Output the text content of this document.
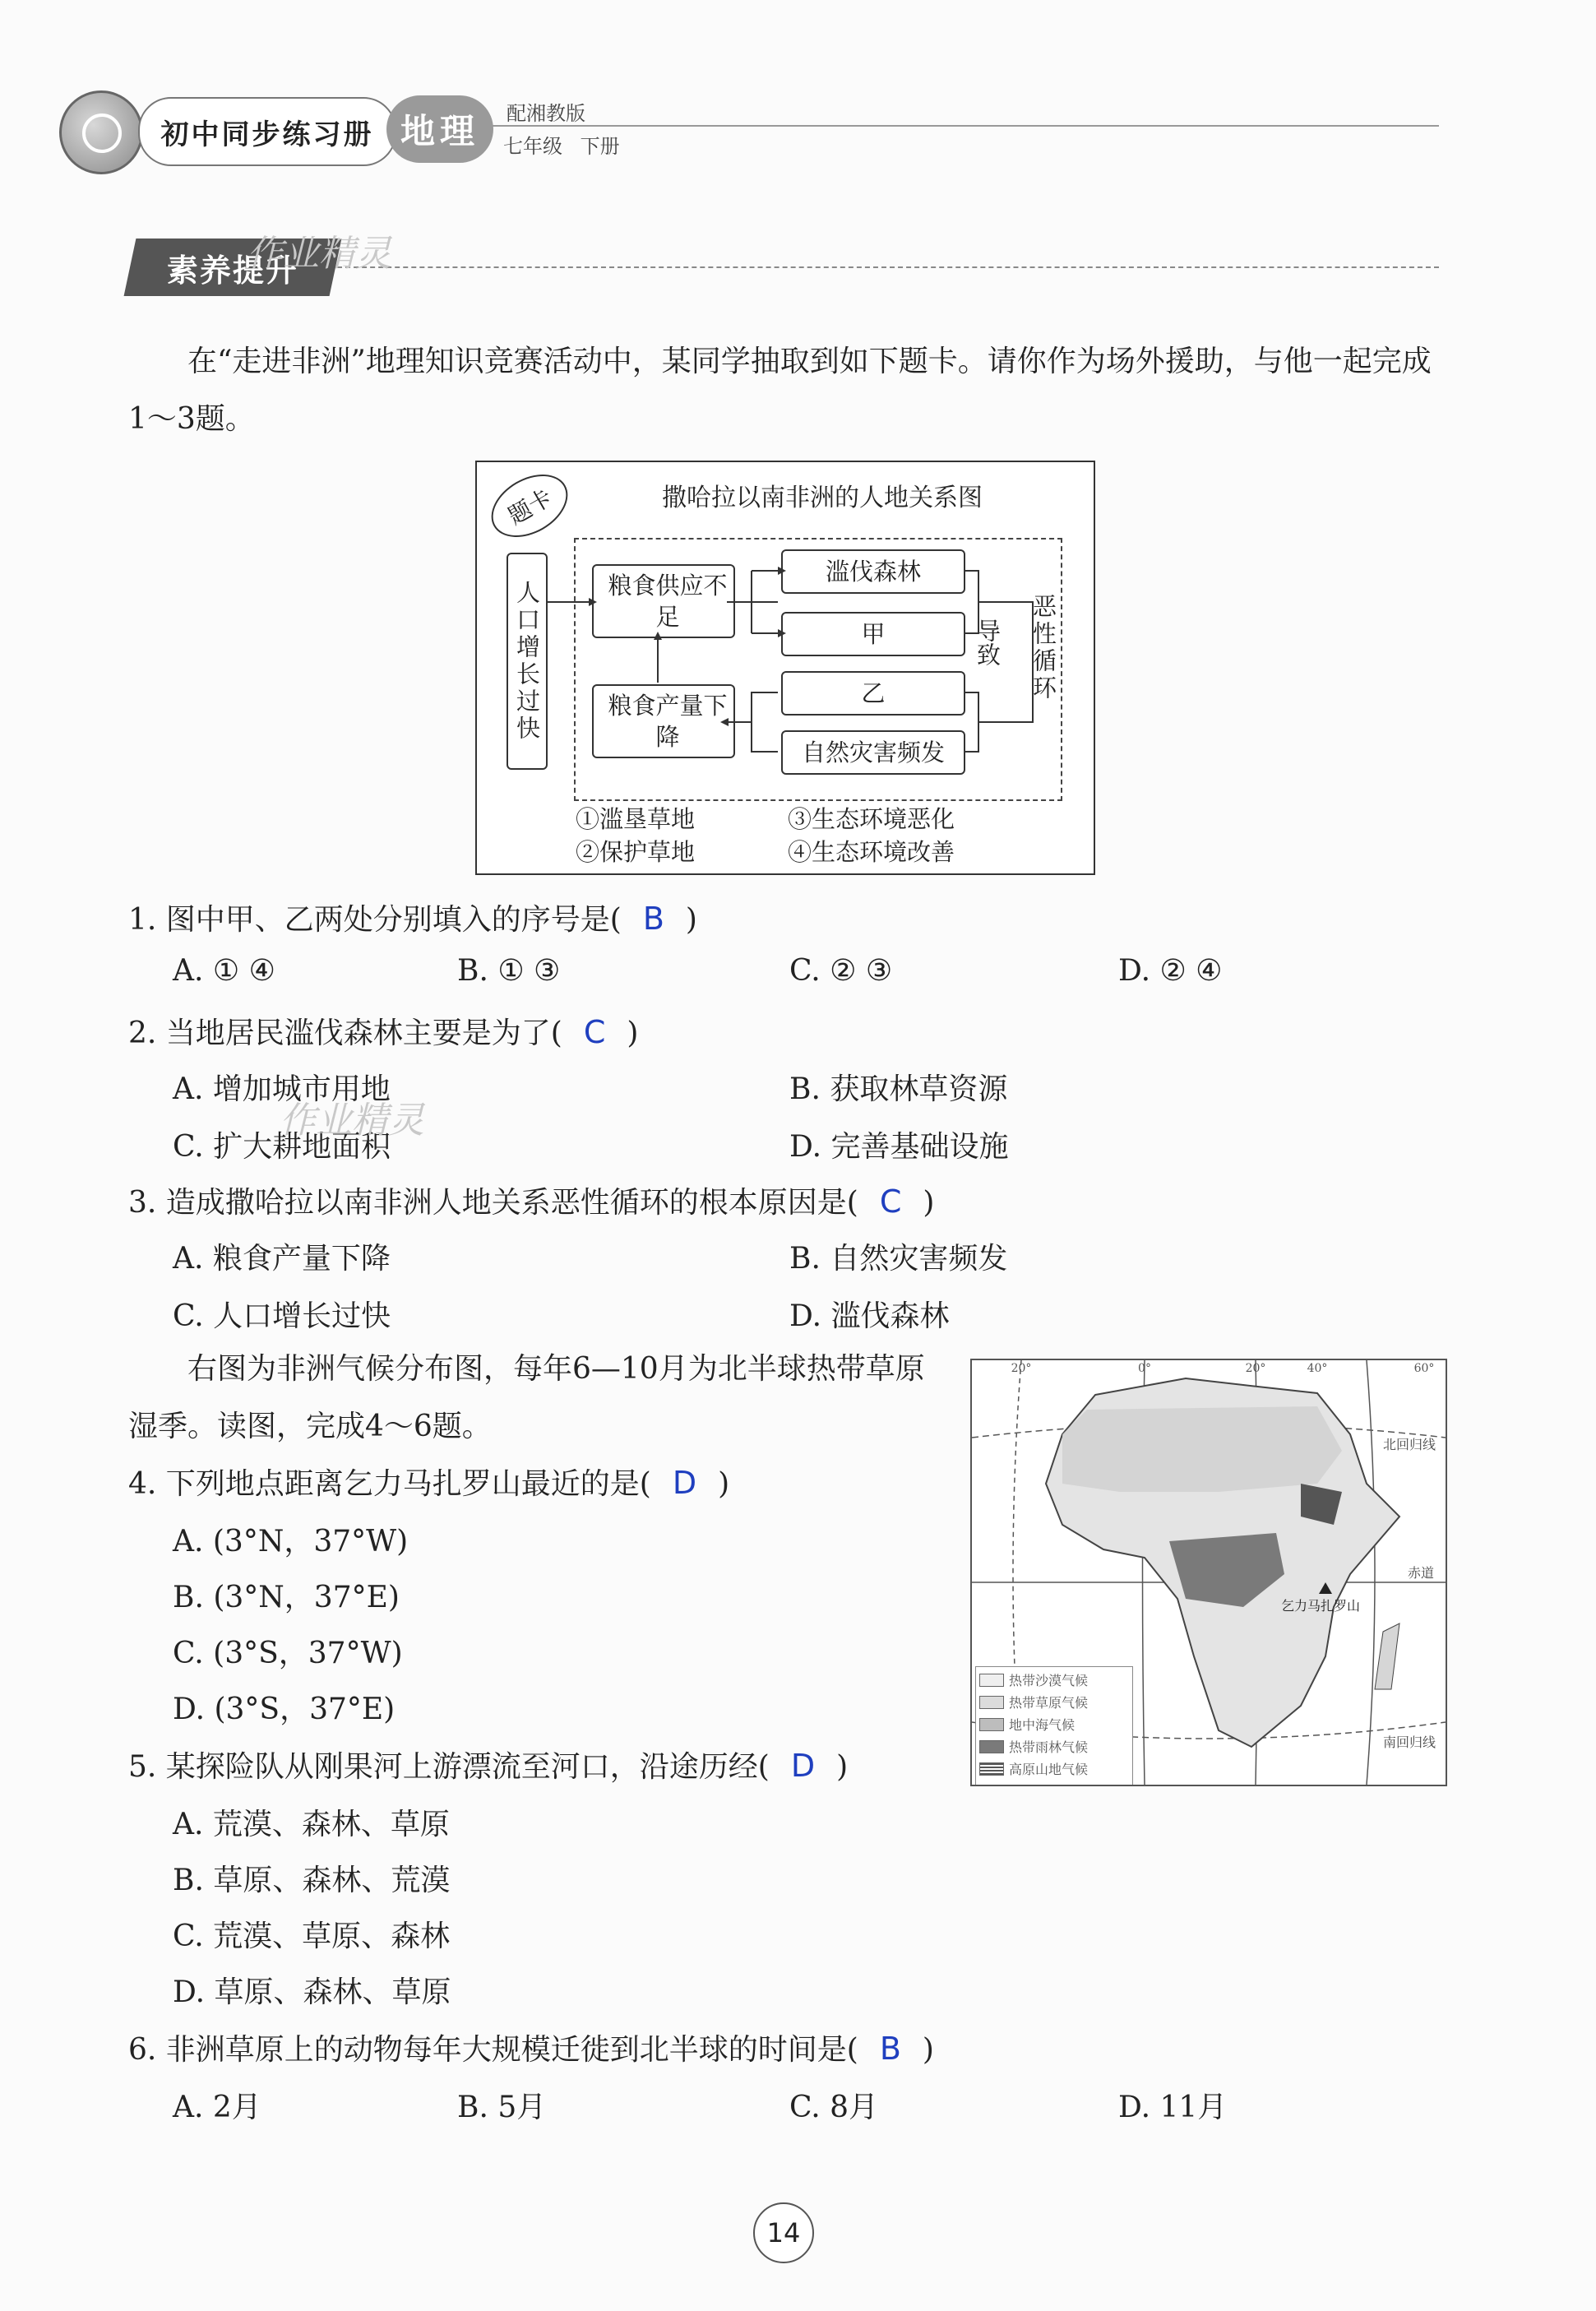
初中同步练习册 地理	配湘教版
七年级 下册
素养提升
作业精灵
在“走进非洲”地理知识竞赛活动中，某同学抽取到如下题卡。请你作为场外援助，与他一起完成1～3题。
题卡	撒哈拉以南非洲的人地关系图
人口增长过快	粮食供应不足
粮食产量下降
滥伐森林
甲
乙
自然灾害频发
导致 恶性循环
①滥垦草地
②保护草地
③生态环境恶化
④生态环境改善
1. 图中甲、乙两处分别填入的序号是( B )
A. ① ④	B. ① ③	C. ② ③	D. ② ④
2. 当地居民滥伐森林主要是为了( C )
A. 增加城市用地	B. 获取林草资源
C. 扩大耕地面积	D. 完善基础设施
作业精灵
3. 造成撒哈拉以南非洲人地关系恶性循环的根本原因是( C )
A. 粮食产量下降	B. 自然灾害频发
C. 人口增长过快	D. 滥伐森林
右图为非洲气候分布图，每年6—10月为北半球热带草原湿季。读图，完成4～6题。
20°	0°	20°	40°	60°
北回归线
赤道
南回归线
乞力马扎罗山
热带沙漠气候
热带草原气候
地中海气候
热带雨林气候
高原山地气候
4. 下列地点距离乞力马扎罗山最近的是( D )
A. (3°N，37°W)
B. (3°N，37°E)
C. (3°S，37°W)
D. (3°S，37°E)
5. 某探险队从刚果河上游漂流至河口，沿途历经( D )
A. 荒漠、森林、草原
B. 草原、森林、荒漠
C. 荒漠、草原、森林
D. 草原、森林、草原
6. 非洲草原上的动物每年大规模迁徙到北半球的时间是( B )
A. 2月	B. 5月	C. 8月	D. 11月
14
